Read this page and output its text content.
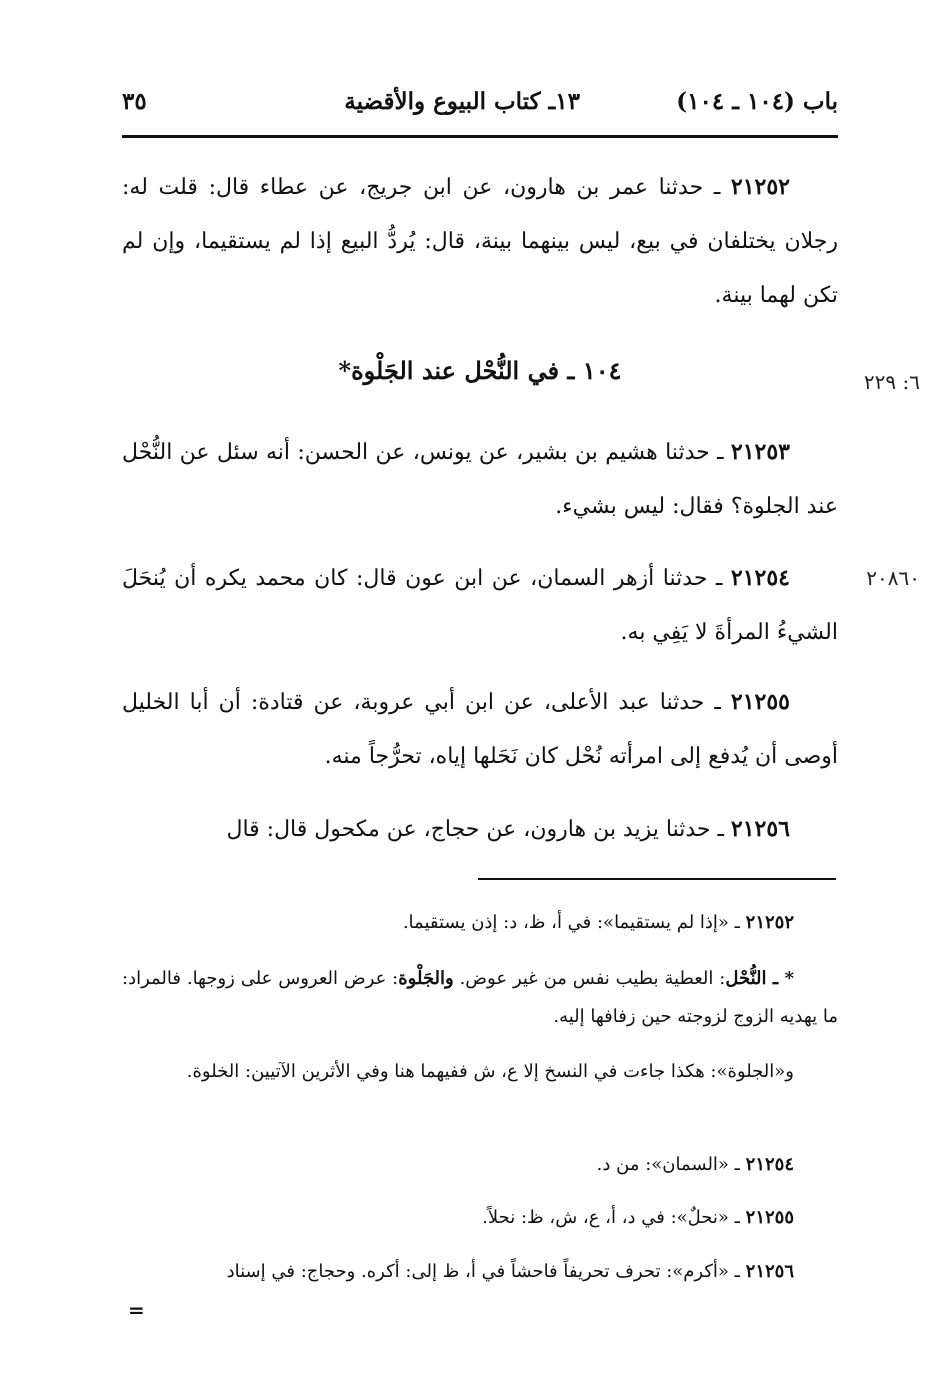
باب (١٠٤ ـ ١٠٤)
١٣ـ كتاب البيوع والأقضية
٣٥
٢١٢٥٢ ـ حدثنا عمر بن هارون، عن ابن جريج، عن عطاء قال: قلت له: رجلان يختلفان في بيع، ليس بينهما بينة، قال: يُردُّ البيع إذا لم يستقيما، وإن لم تكن لهما بينة.
١٠٤ ـ في النُّحْل عند الجَلْوة*	٦: ٢٢٩
٢١٢٥٣ ـ حدثنا هشيم بن بشير، عن يونس، عن الحسن: أنه سئل عن النُّحْل عند الجلوة؟ فقال: ليس بشيء.
٢٠٨٦٠
٢١٢٥٤ ـ حدثنا أزهر السمان، عن ابن عون قال: كان محمد يكره أن يُنحَلَ الشيءُ المرأةَ لا يَفِي به.
٢١٢٥٥ ـ حدثنا عبد الأعلى، عن ابن أبي عروبة، عن قتادة: أن أبا الخليل أوصى أن يُدفع إلى امرأته نُحْل كان نَحَلها إياه، تحرُّجاً منه.
٢١٢٥٦ ـ حدثنا يزيد بن هارون، عن حجاج، عن مكحول قال: قال
٢١٢٥٢ ـ «إذا لم يستقيما»: في أ، ظ، د: إذن يستقيما.
* ـ النُّحْل: العطية بطيب نفس من غير عوض. والجَلْوة: عرض العروس على زوجها. فالمراد: ما يهديه الزوج لزوجته حين زفافها إليه.
و«الجلوة»: هكذا جاءت في النسخ إلا ع، ش ففيهما هنا وفي الأثرين الآتيين: الخلوة.
٢١٢٥٤ ـ «السمان»: من د.
٢١٢٥٥ ـ «نحلٌ»: في د، أ، ع، ش، ظ: نحلاً.
٢١٢٥٦ ـ «أكرم»: تحرف تحريفاً فاحشاً في أ، ظ إلى: أكره. وحجاج: في إسناد
=
